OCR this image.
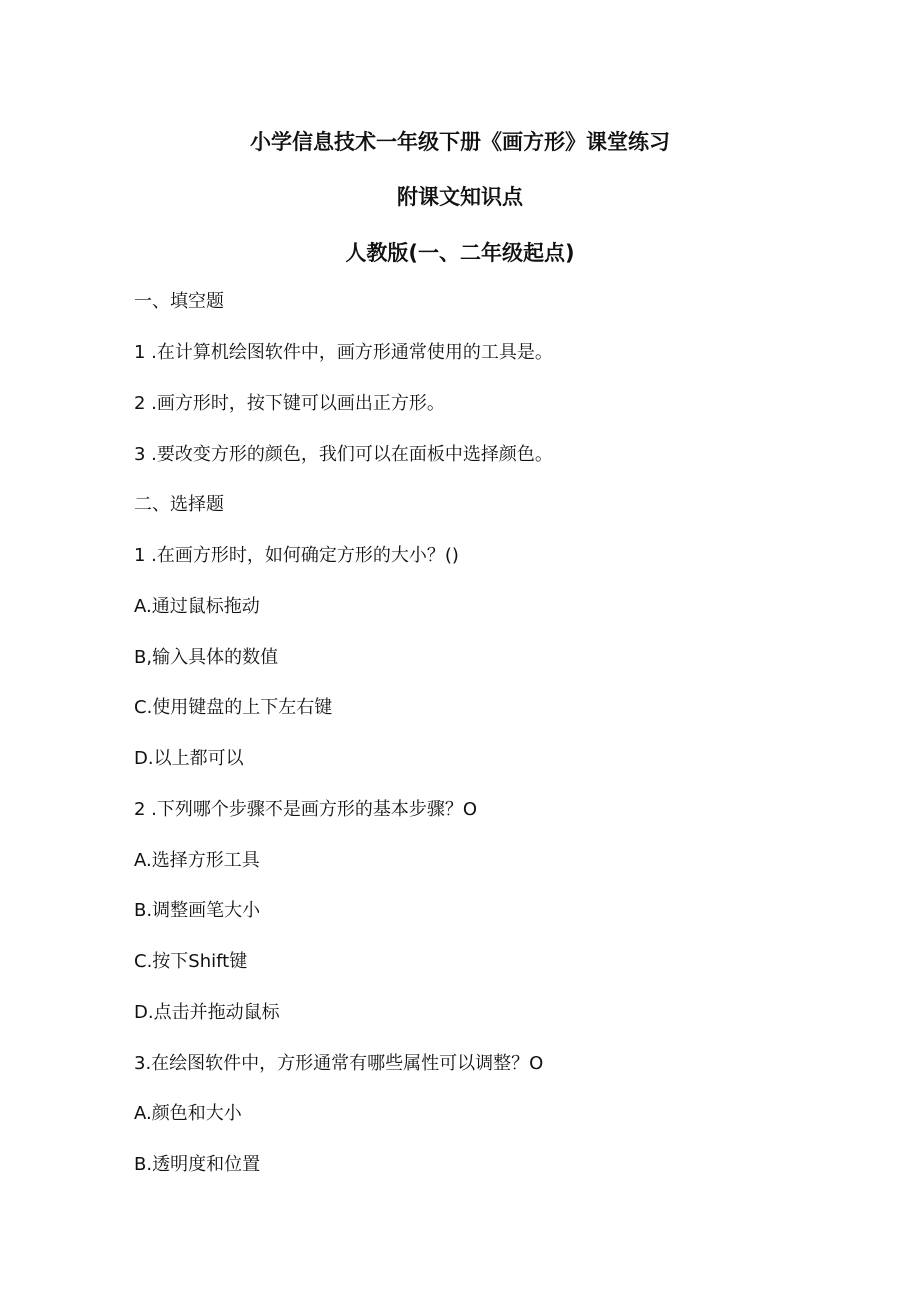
小学信息技术一年级下册《画方形》课堂练习
附课文知识点
人教版(一、二年级起点)
一、填空题
1 .在计算机绘图软件中，画方形通常使用的工具是。
2 .画方形时，按下键可以画出正方形。
3 .要改变方形的颜色，我们可以在面板中选择颜色。
二、选择题
1 .在画方形时，如何确定方形的大小？()
A.通过鼠标拖动
B,输入具体的数值
C.使用键盘的上下左右键
D.以上都可以
2 .下列哪个步骤不是画方形的基本步骤？O
A.选择方形工具
B.调整画笔大小
C.按下Shift键
D.点击并拖动鼠标
3.在绘图软件中，方形通常有哪些属性可以调整？O
A.颜色和大小
B.透明度和位置
